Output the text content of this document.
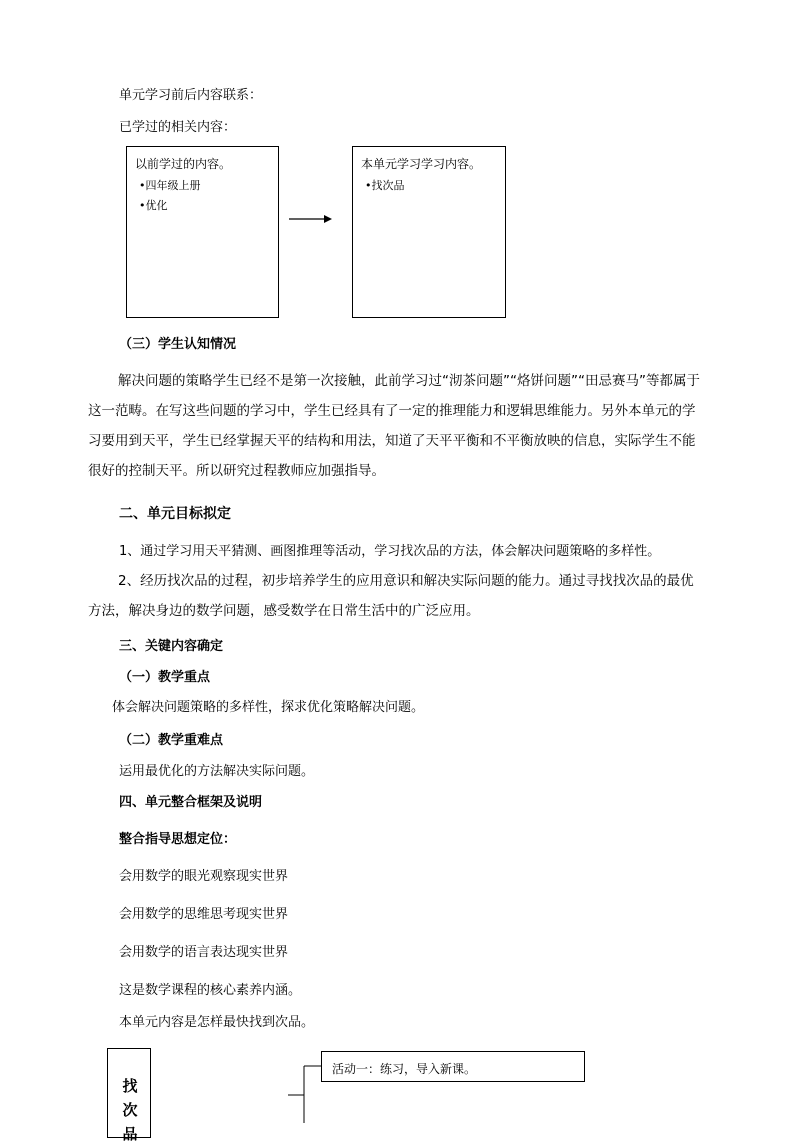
单元学习前后内容联系：
已学过的相关内容：
以前学过的内容。
•四年级上册
•优化
本单元学习学习内容。
•找次品
（三）学生认知情况
解决问题的策略学生已经不是第一次接触，此前学习过“沏茶问题”“烙饼问题”“田忌赛马”等都属于这一范畴。在写这些问题的学习中，学生已经具有了一定的推理能力和逻辑思维能力。另外本单元的学习要用到天平，学生已经掌握天平的结构和用法，知道了天平平衡和不平衡放映的信息，实际学生不能很好的控制天平。所以研究过程教师应加强指导。
二、单元目标拟定
1、通过学习用天平猜测、画图推理等活动，学习找次品的方法，体会解决问题策略的多样性。
2、经历找次品的过程，初步培养学生的应用意识和解决实际问题的能力。通过寻找找次品的最优方法，解决身边的数学问题，感受数学在日常生活中的广泛应用。
三、关键内容确定
（一）教学重点
体会解决问题策略的多样性，探求优化策略解决问题。
（二）教学重难点
运用最优化的方法解决实际问题。
四、单元整合框架及说明
整合指导思想定位：
会用数学的眼光观察现实世界
会用数学的思维思考现实世界
会用数学的语言表达现实世界
这是数学课程的核心素养内涵。
本单元内容是怎样最快找到次品。
找
次
品
活动一：练习，导入新课。
